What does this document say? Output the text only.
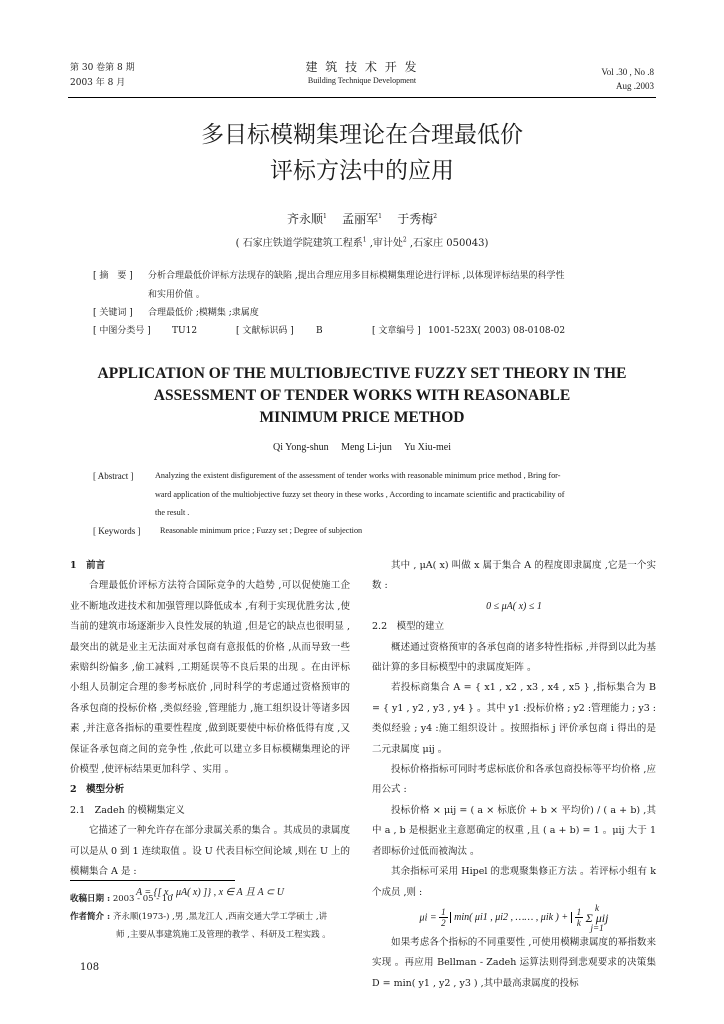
第 30 卷第 8 期
2003 年 8 月
建 筑 技 术 开 发
Building Technique Development
Vol .30 , No .8
Aug .2003
多目标模糊集理论在合理最低价
评标方法中的应用
齐永顺$^1$ 孟丽军$^1$ 于秀梅$^2$
( 石家庄铁道学院建筑工程系$^1$ ,审计处$^2$ ,石家庄 050043)
[ 摘　要 ] 分析合理最低价评标方法现存的缺陷 ,提出合理应用多目标模糊集理论进行评标 ,以体现评标结果的科学性
和实用价值 。
[ 关键词 ] 合理最低价 ;模糊集 ;隶属度
[ 中图分类号 ] TU12	[ 文献标识码 ] B	[ 文章编号 ] 1001-523X( 2003) 08-0108-02
APPLICATION OF THE MULTIOBJECTIVE FUZZY SET THEORY IN THE
ASSESSMENT OF TENDER WORKS WITH REASONABLE
MINIMUM PRICE METHOD
Qi Yong-shun　 Meng Li-jun　 Yu Xiu-mei
[ Abstract ]	Analyzing the existent disfigurement of the assessment of tender works with reasonable minimum price method , Bring for-
ward application of the multiobjective fuzzy set theory in these works , According to incarnate scientific and practicability of
the result .
[ Keywords ] Reasonable minimum price ; Fuzzy set ; Degree of subjection

1　前言

合理最低价评标方法符合国际竞争的大趋势 ,可以促使施工企业不断地改进技术和加强管理以降低成本 ,有利于实现优胜劣汰 ,使当前的建筑市场逐渐步入良性发展的轨道 ,但是它的缺点也很明显 ,最突出的就是业主无法面对承包商有意报低的价格 ,从而导致一些索赔纠纷偏多 ,偷工减料 ,工期延误等不良后果的出现 。在由评标小组人员制定合理的参考标底价 ,同时科学的考虑通过资格预审的各承包商的投标价格 ,类似经验 ,管理能力 ,施工组织设计等诸多因素 ,并注意各指标的重要性程度 ,做到既要使中标价格低得有度 ,又保证各承包商之间的竞争性 ,依此可以建立多目标模糊集理论的评价模型 ,使评标结果更加科学 、实用 。

2　模型分析

2.1　Zadeh 的模糊集定义

它描述了一种允许存在部分隶属关系的集合 。其成员的隶属度可以是从 0 到 1 连续取值 。设 U 代表目标空间论域 ,则在 U 上的模糊集合 A 是 :

A = {[ x , μA( x) ]} , x ∈ A 且 A ⊂ U

收稿日期 : 2003 - 05 - 10
作者简介 : 齐永顺(1973-) ,男 ,黑龙江人 ,西南交通大学工学硕士 ,讲
师 ,主要从事建筑施工及管理的教学 、科研及工程实践 。

其中 , μA( x) 叫做 x 属于集合 A 的程度即隶属度 ,它是一个实数 :

0 ≤ μA( x) ≤ 1

2.2　模型的建立

概述通过资格预审的各承包商的诸多特性指标 ,并得到以此为基础计算的多目标模型中的隶属度矩阵 。

若投标商集合 A = { x1 , x2 , x3 , x4 , x5 } ,指标集合为 B = { y1 , y2 , y3 , y4 } 。其中 y1 :投标价格 ; y2 :管理能力 ; y3 :类似经验 ; y4 :施工组织设计 。按照指标 j 评价承包商 i 得出的是二元隶属度 μij 。

投标价格指标可同时考虑标底价和各承包商投标等平均价格 ,应用公式 :

投标价格 × μij = ( a × 标底价 + b × 平均价) / ( a + b) ,其中 a , b 是根据业主意愿确定的权重 ,且 ( a + b) = 1 。μij 大于 1 者即标价过低而被淘汰 。

其余指标可采用 Hipel 的悲观聚集修正方法 。若评标小组有 k 个成员 ,则 :

$\mu i = \frac{1}{2} \min$( μi1 , μi2 , …… , μik ) + $\frac{1}{k}$
	k
Σ μij
j=1

如果考虑各个指标的不同重要性 ,可使用模糊隶属度的幂指数来实现 。再应用 Bellman - Zadeh 运算法则得到悲观要求的决策集 D = min( y1 , y2 , y3 ) ,其中最高隶属度的投标

108
